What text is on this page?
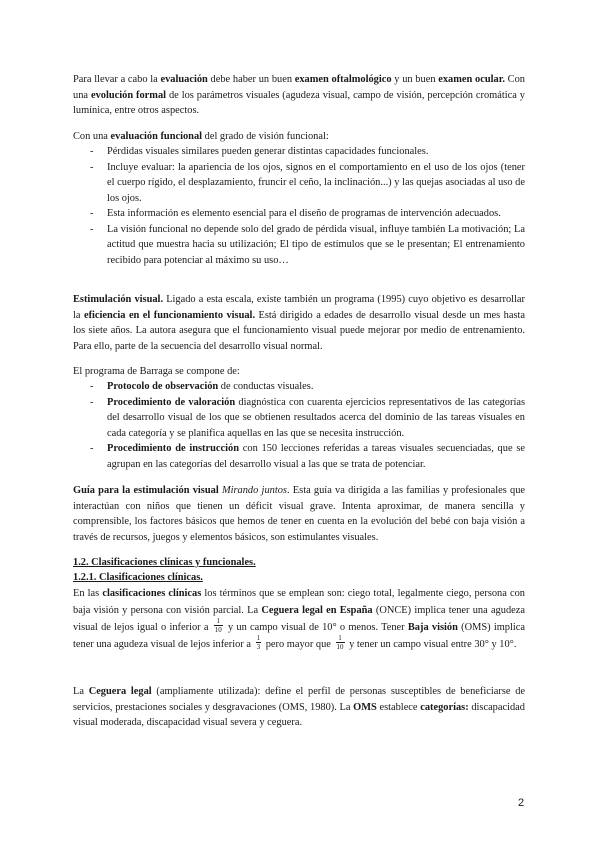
Para llevar a cabo la evaluación debe haber un buen examen oftalmológico y un buen examen ocular. Con una evolución formal de los parámetros visuales (agudeza visual, campo de visión, percepción cromática y lumínica, entre otros aspectos.
Con una evaluación funcional del grado de visión funcional:
- Pérdidas visuales similares pueden generar distintas capacidades funcionales.
- Incluye evaluar: la apariencia de los ojos, signos en el comportamiento en el uso de los ojos (tener el cuerpo rígido, el desplazamiento, fruncir el ceño, la inclinación...) y las quejas asociadas al uso de los ojos.
- Esta información es elemento esencial para el diseño de programas de intervención adecuados.
- La visión funcional no depende solo del grado de pérdida visual, influye también La motivación; La actitud que muestra hacia su utilización; El tipo de estímulos que se le presentan; El entrenamiento recibido para potenciar al máximo su uso…
Estimulación visual. Ligado a esta escala, existe también un programa (1995) cuyo objetivo es desarrollar la eficiencia en el funcionamiento visual. Está dirigido a edades de desarrollo visual desde un mes hasta los siete años. La autora asegura que el funcionamiento visual puede mejorar por medio de entrenamiento. Para ello, parte de la secuencia del desarrollo visual normal.
El programa de Barraga se compone de:
- Protocolo de observación de conductas visuales.
- Procedimiento de valoración diagnóstica con cuarenta ejercicios representativos de las categorías del desarrollo visual de los que se obtienen resultados acerca del dominio de las tareas visuales en cada categoría y se planifica aquellas en las que se necesita instrucción.
- Procedimiento de instrucción con 150 lecciones referidas a tareas visuales secuenciadas, que se agrupan en las categorías del desarrollo visual a las que se trata de potenciar.
Guía para la estimulación visual Mirando juntos. Esta guía va dirigida a las familias y profesionales que interactúan con niños que tienen un déficit visual grave. Intenta aproximar, de manera sencilla y comprensible, los factores básicos que hemos de tener en cuenta en la evolución del bebé con baja visión a través de recursos, juegos y elementos básicos, son estimulantes visuales.
1.2. Clasificaciones clínicas y funcionales.
1.2.1. Clasificaciones clínicas.
En las clasificaciones clínicas los términos que se emplean son: ciego total, legalmente ciego, persona con baja visión y persona con visión parcial. La Ceguera legal en España (ONCE) implica tener una agudeza visual de lejos igual o inferior a $\frac{1}{10}$ y un campo visual de 10° o menos. Tener Baja visión (OMS) implica tener una agudeza visual de lejos inferior a $\frac{1}{3}$ pero mayor que $\frac{1}{10}$ y tener un campo visual entre 30° y 10°.
La Ceguera legal (ampliamente utilizada): define el perfil de personas susceptibles de beneficiarse de servicios, prestaciones sociales y desgravaciones (OMS, 1980). La OMS establece categorías: discapacidad visual moderada, discapacidad visual severa y ceguera.
2
